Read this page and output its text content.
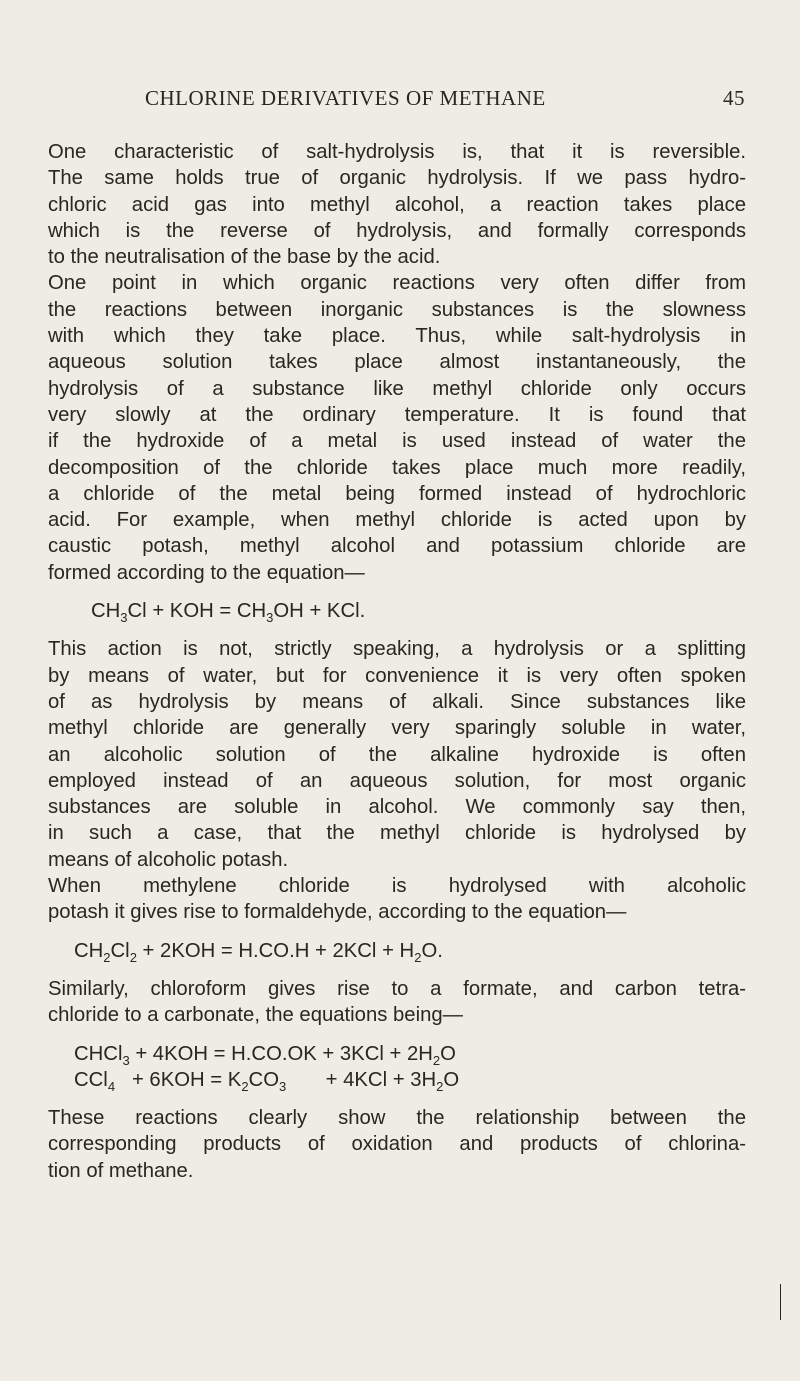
CHLORINE DERIVATIVES OF METHANE	45
One characteristic of salt-hydrolysis is, that it is reversible.
The same holds true of organic hydrolysis. If we pass hydro-
chloric acid gas into methyl alcohol, a reaction takes place
which is the reverse of hydrolysis, and formally corresponds
to the neutralisation of the base by the acid.
One point in which organic reactions very often differ from
the reactions between inorganic substances is the slowness
with which they take place. Thus, while salt-hydrolysis in
aqueous solution takes place almost instantaneously, the
hydrolysis of a substance like methyl chloride only occurs
very slowly at the ordinary temperature. It is found that
if the hydroxide of a metal is used instead of water the
decomposition of the chloride takes place much more readily,
a chloride of the metal being formed instead of hydrochloric
acid. For example, when methyl chloride is acted upon by
caustic potash, methyl alcohol and potassium chloride are
formed according to the equation—
$CH_3Cl$ + KOH = $CH_3OH$ + KCl.
This action is not, strictly speaking, a hydrolysis or a splitting
by means of water, but for convenience it is very often spoken
of as hydrolysis by means of alkali. Since substances like
methyl chloride are generally very sparingly soluble in water,
an alcoholic solution of the alkaline hydroxide is often
employed instead of an aqueous solution, for most organic
substances are soluble in alcohol. We commonly say then,
in such a case, that the methyl chloride is hydrolysed by
means of alcoholic potash.
When methylene chloride is hydrolysed with alcoholic
potash it gives rise to formaldehyde, according to the equation—
$CH_2Cl_2 + 2KOH = H.CO.H + 2KCl + H_2O$.
Similarly, chloroform gives rise to a formate, and carbon tetra-
chloride to a carbonate, the equations being—
CHCl$_3$ + $4KOH = H.CO.OK + 3KCl + 2H_2O$
$CCl_4 + 6KOH = K_2CO_3$       + $4KCl + 3H_2O$
These reactions clearly show the relationship between the
corresponding products of oxidation and products of chlorina-
tion of methane.
